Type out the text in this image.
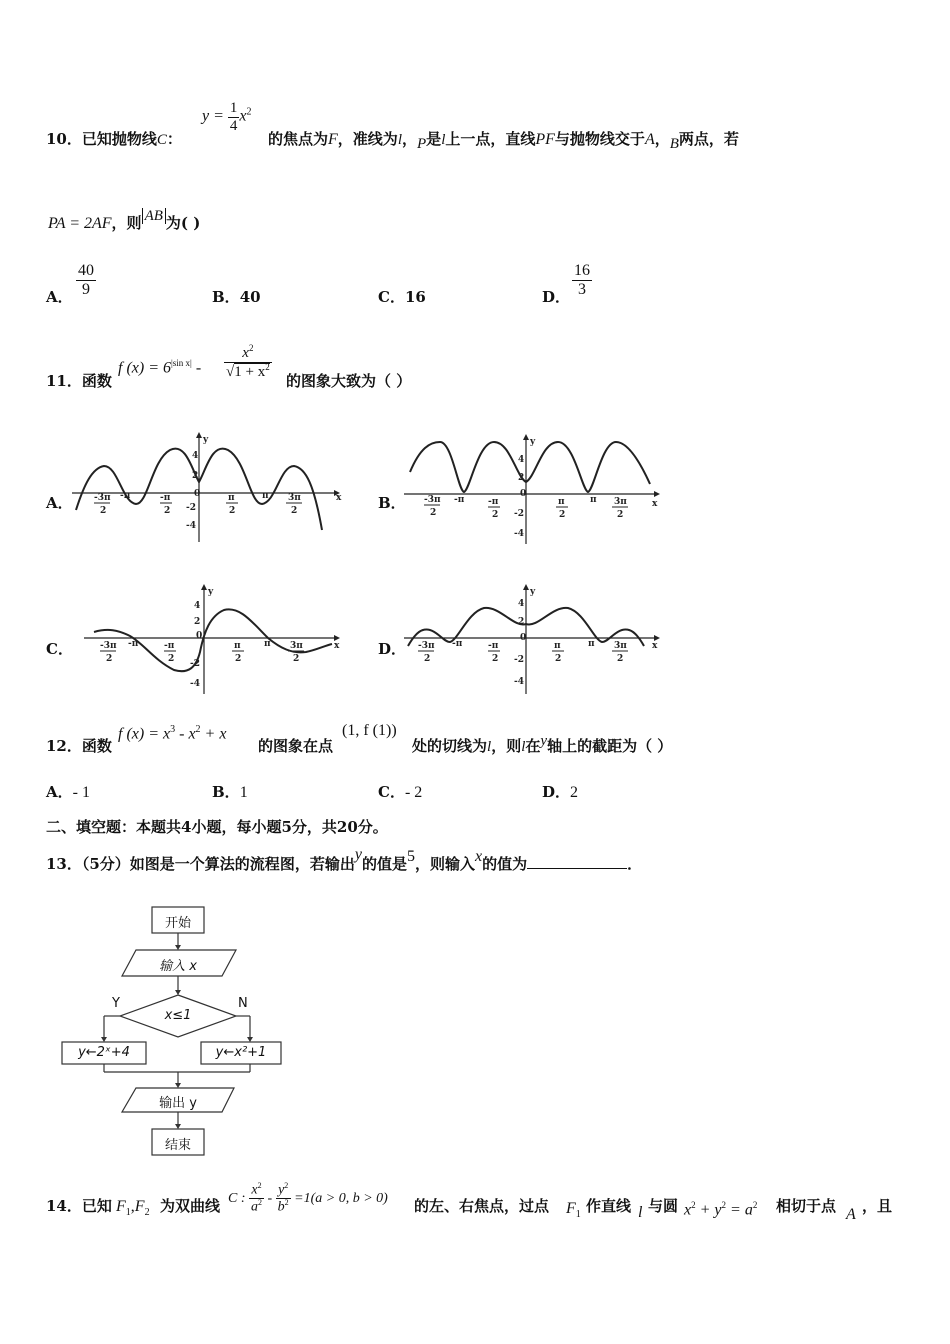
10．已知抛物线C：
$y = \frac{1}{4} x^2$
的焦点为F，准线为l，P是l上一点，直线PF与抛物线交于A，B两点，若
PA = 2AF，则 AB 为( )
A． $\frac{40}{9}$	B．40	C．16	D． $\frac{16}{3}$
11．函数
f $(x) = 6^{|sin x|} - \frac{x^2}{√1 + x^2}$
的图象大致为（ ）
A．	B．
C．	D．
y
x
4
2
0
-2
-4
-3π
2
-π	-π
2
π
2
π 3π
2
y
x
4
2
0
-2
-4
-3π
2
-π	-π
2
π
2
π 3π
2
y
x
4
2
0
-2
-4
-3π
2
-π	-π
2
π
2
π 3π
2
y
x
4
2
0
-2
-4
-3π
2
-π	-π
2
π
2
π 3π
2
12．函数
f $(x) = x^3 - x^2 + x$
的图象在点
(1, f (1))
处的切线为l，则l在y轴上的截距为（ ）
A．- 1	B．1	C．- 2	D．2
二、填空题：本题共4小题，每小题5分，共20分。
13．（5分）如图是一个算法的流程图，若输出y的值是5，则输入x的值为	．
开始
输入 x
x≤1
Y	N
y←2ˣ+4	y←x²+1
输出 y
结束
14．已知 $F_1,F_2$ 为双曲线 C : $\frac{x^2}{a^2} - \frac{y^2}{b^2} =1(a > 0$, b > 0) 的左、右焦点，过点 $F_1$ 作直线 l 与圆 $x^2 + y^2 = a^2$ 相切于点 A ，且
